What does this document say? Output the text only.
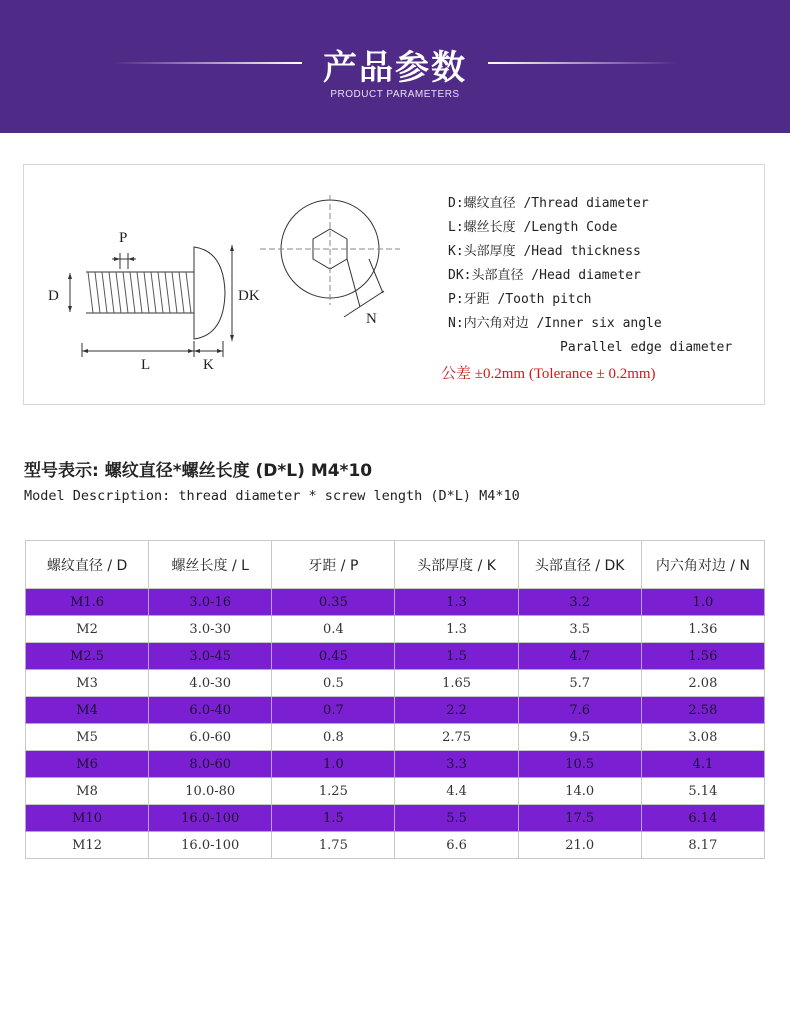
产品参数
PRODUCT PARAMETERS
P
D	DK
L	K
N
D:螺纹直径 /Thread diameter
L:螺丝长度 /Length Code
K:头部厚度 /Head thickness
DK:头部直径 /Head diameter
P:牙距 /Tooth pitch
N:内六角对边 /Inner six angle
Parallel edge diameter
公差 ±0.2mm (Tolerance ± 0.2mm)
型号表示: 螺纹直径*螺丝长度 (D*L) M4*10
Model Description: thread diameter * screw length (D*L) M4*10
螺纹直径 / D	螺丝长度 / L	牙距 / P	头部厚度 / K	头部直径 / DK	内六角对边 / N
M1.6	3.0-16	0.35	1.3	3.2	1.0
M2	3.0-30	0.4	1.3	3.5	1.36
M2.5	3.0-45	0.45	1.5	4.7	1.56
M3	4.0-30	0.5	1.65	5.7	2.08
M4	6.0-40	0.7	2.2	7.6	2.58
M5	6.0-60	0.8	2.75	9.5	3.08
M6	8.0-60	1.0	3.3	10.5	4.1
M8	10.0-80	1.25	4.4	14.0	5.14
M10	16.0-100	1.5	5.5	17.5	6.14
M12	16.0-100	1.75	6.6	21.0	8.17
